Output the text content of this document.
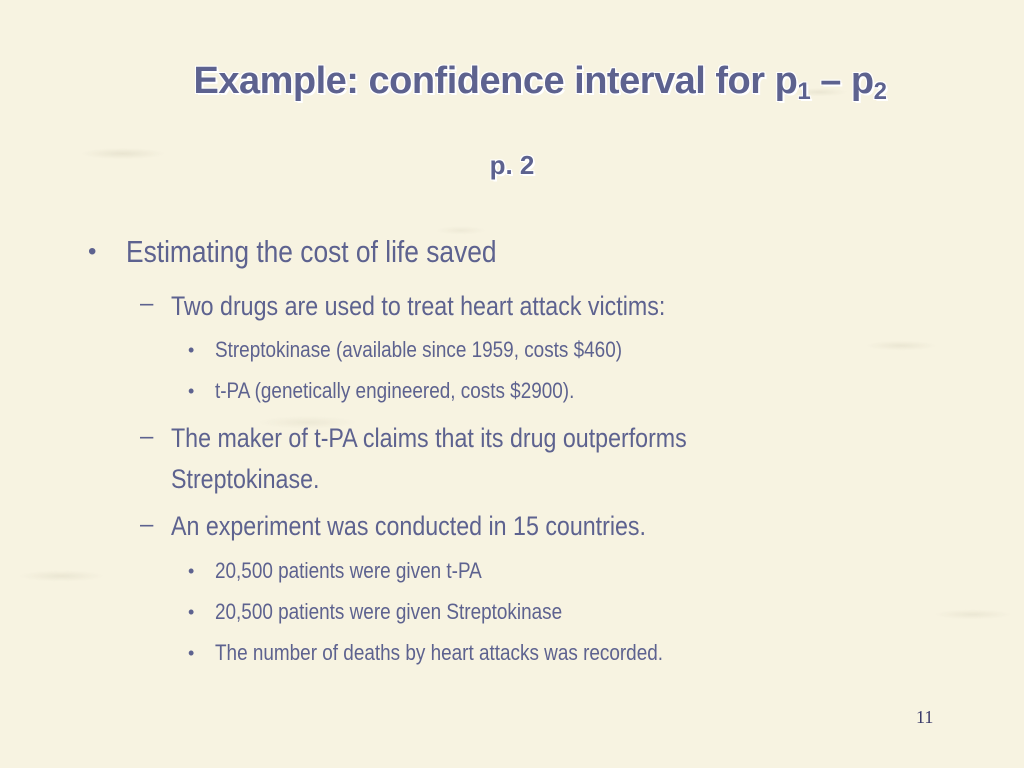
Example: confidence interval for $p_1 - p_2$
p. 2
• Estimating the cost of life saved
– Two drugs are used to treat heart attack victims:
• Streptokinase (available since 1959, costs $460)
• t-PA (genetically engineered, costs $2900).
– The maker of t-PA claims that its drug outperforms
Streptokinase.
– An experiment was conducted in 15 countries.
• 20,500 patients were given t-PA
• 20,500 patients were given Streptokinase
• The number of deaths by heart attacks was recorded.
11
